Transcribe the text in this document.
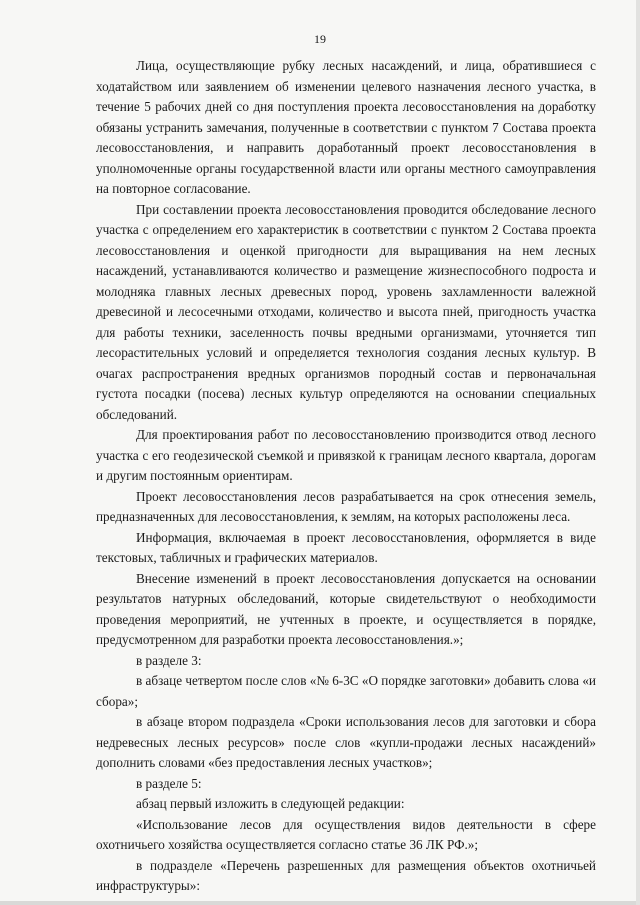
19

Лица, осуществляющие рубку лесных насаждений, и лица, обратившиеся с ходатайством или заявлением об изменении целевого назначения лесного участка, в течение 5 рабочих дней со дня поступления проекта лесовосстановления на доработку обязаны устранить замечания, полученные в соответствии с пунктом 7 Состава проекта лесовосстановления, и направить доработанный проект лесовосстановления в уполномоченные органы государственной власти или органы местного самоуправления на повторное согласование.

При составлении проекта лесовосстановления проводится обследование лесного участка с определением его характеристик в соответствии с пунктом 2 Состава проекта лесовосстановления и оценкой пригодности для выращивания на нем лесных насаждений, устанавливаются количество и размещение жизнеспособного подроста и молодняка главных лесных древесных пород, уровень захламленности валежной древесиной и лесосечными отходами, количество и высота пней, пригодность участка для работы техники, заселенность почвы вредными организмами, уточняется тип лесорастительных условий и определяется технология создания лесных культур. В очагах распространения вредных организмов породный состав и первоначальная густота посадки (посева) лесных культур определяются на основании специальных обследований.

Для проектирования работ по лесовосстановлению производится отвод лесного участка с его геодезической съемкой и привязкой к границам лесного квартала, дорогам и другим постоянным ориентирам.

Проект лесовосстановления лесов разрабатывается на срок отнесения земель, предназначенных для лесовосстановления, к землям, на которых расположены леса.

Информация, включаемая в проект лесовосстановления, оформляется в виде текстовых, табличных и графических материалов.

Внесение изменений в проект лесовосстановления допускается на основании результатов натурных обследований, которые свидетельствуют о необходимости проведения мероприятий, не учтенных в проекте, и осуществляется в порядке, предусмотренном для разработки проекта лесовосстановления.»;

в разделе 3:

в абзаце четвертом после слов «№ 6-3С «О порядке заготовки» добавить слова «и сбора»;

в абзаце втором подраздела «Сроки использования лесов для заготовки и сбора недревесных лесных ресурсов» после слов «купли-продажи лесных насаждений» дополнить словами «без предоставления лесных участков»;

в разделе 5:

абзац первый изложить в следующей редакции:

«Использование лесов для осуществления видов деятельности в сфере охотничьего хозяйства осуществляется согласно статье 36 ЛК РФ.»;

в подразделе «Перечень разрешенных для размещения объектов охотничьей инфраструктуры»:
